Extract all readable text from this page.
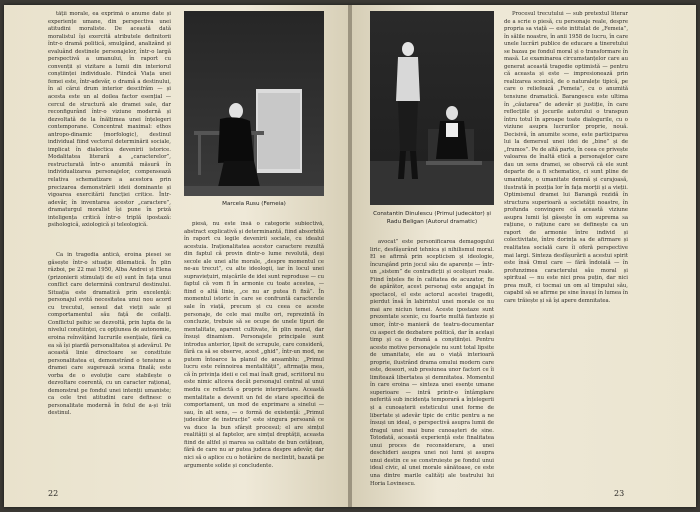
tății morale, ea exprimă o anume date și experiențe umane, din perspectiva unei atitudini moraliste. De această dată moralistul își exercită atributele definitorii într-o dramă politică, smulgând, analizând și evaluând destinele personajelor, într-o largă perspectivă a umanului, în raport cu convenții și vizitare a lumii din interiorul conștiinței individuale. Fiindcă Viața unei femei este, într-adevăr, o dramă a destinului, în al cărui drum interior descifrăm — și acesta este un al doilea factor esențial — cercul de structură ale dramei sale, dar reconfigurând într-o viziune modernă și dezvoltată de la înălțimea unei înțelegeri contemporane. Concentrat maximal: ethos antropo-dinamic (morfologic), destinul individual fiind vectorul determinării sociale, implicat în dialectica devenirii istorice. Modalitatea literară a „caracterelor”, restructurată într-o anumită măsură în individualizarea personajelor, compensează relativa schematizare a acestora prin precizarea demonstrării ideii dominante și vigoarea exercitării funcției critice. Într-adevăr, în inventarea acestor „caractere”, dramaturgul moralist își pune în priză inteligența critică într-o triplă ipostază: psihologică, axiologică și teleologică.

Marcela Rusu (Femeia)

Ca în tragedia antică, eroina piesei se găsește într-o situație dilematică. În plin război, pe 22 mai 1950, Alba Andrei și Elena (prizonierii stimulați de ei) sunt în fața unui conflict care determină contrarul destinului. Situația este dramatică prin excelență: personajul evită necesitatea unui nou acord cu trecutul, sensul dat vieții sale și comportamentul său față de ceilalți. Conflictul psihic se dezvoltă, prin lupta de la nivelul conștiinței, cu opțiunea de autonomie, eroina reînvățând lucrurile esențiale, fără ca ea să își piardă personalitatea și adevărul. Pe această linie directoare se constituie personalitatea ei, demonstrând o tensiune a dramei care sugerează scena finală; este vorba de o evoluție care stabilește o dezvoltare coerentă, cu un caracter rațional, demonstrat pe fondul unei intenții umaniste; ca cele trei atitudini care definesc o personalitate modernă în felul de a-și trăi destinul.

piesă, nu este însă o categorie subiectivă, abstract explicativă și determinantă, fiind absorbită în raport cu legile devenirii sociale, cu idealul acestuia. Iraționalitatea acestor caractere rezultă din faptul că provin dintr-o lume revolută, deși secole ale unei alte morale, „despre momentul ce ne-au trecut”, cu alte ideologii, iar în locul unei supraviețuiri, mișcările de idei sunt reproduse — cu faptul că vom fi în armonie cu toate acestea, — fiind o altă linie, „ce nu ar putea fi fixă”. În momentul istoric în care se confruntă caracterele sale în viață, precum și cu ceea ce aceste personaje, de cele mai multe ori, reprezintă în concluzie, trebuie să se ocupe de unele tipuri de mentalitate, aparent cultivate, în plin moral, dar însuși dinamism. Personajele principale sunt introdus anterior, lipsit de scrupule, care consideră, fără ca să se observe, acest „ghid”, într-un mod, ne putem întoarce la planul de ansamblu: „Primul lucru este reînnoirea mentalității”, afirmația mea, că în privința ideii e cel mai înalt grad, scriitorul nu este nimic altceva decât personajul central al unui mediu ce reflectă o proprie interpretare. Această mentalitate a devenit un fel de stare specifică de comportament, un mod de exprimare a sinelui — sau, în alt sens, — o formă de existență: „Primul judecător de instrucție” este singura persoană ce va duce la bun sfârșit procesul; el are simțul realității și al faptelor, are simțul dreptății, aceasta fiind de altfel și marea sa calitate de bun cetățean, fără de care nu ar putea judeca despre adevăr, dar nici să o aplice cu o hotărâre de neclintit, bazată pe argumente solide și concludente.

22
Constantin Dinulescu (Primul judecător) și Radu Beligan (Autorul dramatic)

avocat” este personificarea demagogului liric, desfășurând tehnica și nihilismul moral. El se afirmă prin scepticism și ideologie, încurajând prin jocul său de aparențe — într-un „sistem” de contradicții și ocolișuri reale. Fiind înțeles fie în calitatea de acuzator, fie de apărător, acest personaj este angajat în spectacol, el este actorul acestei tragedii, pierdut însă în labirintul unei morale ce nu mai are niciun temei. Aceste ipostaze sunt prezentate scenic, cu foarte multă fantezie și umor, într-o manieră de teatru-documentar cu aspect de dezbatere politică, dar în același timp și ca o dramă a conștiinței. Pentru aceste motive personajele nu sunt total lipsite de umanitate, ele au o viață interioară proprie, ilustrând drama omului modern care este, deseori, sub presiunea unor factori ce îi limitează libertatea și demnitatea. Momentul în care eroina — sinteza unei esențe umane superioare — intră printr-o întâmplare neferită sub incidența temporară a înțelegerii și a cunoașterii esteticului unei forme de libertate și adevăr tipic de critic pentru a ne însuși un ideal, o perspectivă asupra lumii de dragul unei mai bune cunoașteri de sine. Totodată, această experiență este finalitatea unui proces de reconsiderare, a unei deschideri asupra unei noi lumi și asupra unui destin ce se construiește pe fondul unui ideal civic, al unei morale sănătoase, ce este una dintre marile calități ale teatrului lui Horia Lovinescu.

Procesul trecutului — sub pretextul literar de a scrie o piesă, cu personaje reale, despre propria sa viață — este intitulat de „Femeia”, în sălile noastre, în anii 1958 de lucru, în care unele lucrări publice de educare a tineretului se bazau pe fondul moral și o transformare în masă. Le examinarea circumstanțelor care au generat această tragedie optimistă — pentru că aceasta și este — impresionează prin realizarea scenică, de o naturalețe tipică, pe care o reliefează „Femeia”, cu o anumită tensiune dramatică. Barangescu este ultima în „căutarea” de adevăr și justiție, în care reflecțiile și jocurile autorului o transpun întru totul în aproape toate dialogurile, cu o viziune asupra lucrurilor proprie, nouă. Decisivă, în anumite scene, este participarea lui la demersul unei idei de „bine” și de „frumos”. Pe de altă parte, în ceea ce privește valoarea de înaltă etică a personajelor care dau un sens dramei, se observă că ele sunt departe de a fi schematice, ci sunt pline de umanitate, o umanitate demnă și curajoasă, ilustrată în poziția lor în fața morții și a vieții. Optimismul dramei lui Barangă rezidă în structura superioară a societății noastre, în profunda convingere că această viziune asupra lumii își găsește în om suprema sa rațiune, o rațiune care se definește ca un raport de armonie între individ și colectivitate, între dorința sa de afirmare și realitatea socială care îi oferă perspective mai largi. Sinteza desfășurării a acestui spirit este însă Omul care — fără îndoială — în profunzimea caracterului său moral și spiritual — nu este nici prea puțin, dar nici prea mult, ci tocmai un om al timpului său, capabil să se afirme pe sine însuși în lumea în care trăiește și să își apere demnitatea.

23
